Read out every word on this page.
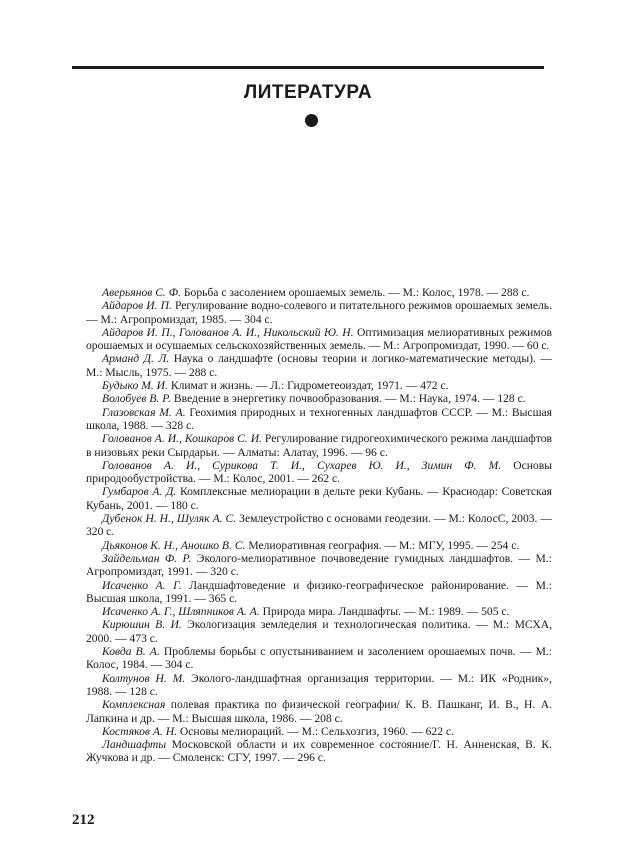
ЛИТЕРАТУРА
Аверьянов С. Ф. Борьба с засолением орошаемых земель. — М.: Колос, 1978. — 288 с.
Айдаров И. П. Регулирование водно-солевого и питательного режимов орошаемых земель. — М.: Агропромиздат, 1985. — 304 с.
Айдаров И. П., Голованов А. И., Никольский Ю. Н. Оптимизация мелиоративных режимов орошаемых и осушаемых сельскохозяйственных земель. — М.: Агропромиздат, 1990. — 60 с.
Арманд Д. Л. Наука о ландшафте (основы теории и логико-математические методы). — М.: Мысль, 1975. — 288 с.
Будыко М. И. Климат и жизнь. — Л.: Гидрометеоиздат, 1971. — 472 с.
Волобуев В. Р. Введение в энергетику почвообразования. — М.: Наука, 1974. — 128 с.
Глазовская М. А. Геохимия природных и техногенных ландшафтов СССР. — М.: Высшая школа, 1988. — 328 с.
Голованов А. И., Кошкаров С. И. Регулирование гидрогеохимического режима ландшафтов в низовьях реки Сырдарьи. — Алматы: Алатау, 1996. — 96 с.
Голованов А. И., Сурикова Т. И., Сухарев Ю. И., Зимин Ф. М. Основы природообустройства. — М.: Колос, 2001. — 262 с.
Гумбаров А. Д. Комплексные мелиорации в дельте реки Кубань. — Краснодар: Советская Кубань, 2001. — 180 с.
Дубенок Н. Н., Шуляк А. С. Землеустройство с основами геодезии. — М.: КолосС, 2003. — 320 с.
Дьяконов К. Н., Аношко В. С. Мелиоративная география. — М.: МГУ, 1995. — 254 с.
Зайдельман Ф. Р. Эколого-мелиоративное почвоведение гумидных ландшафтов. — М.: Агропромиздат, 1991. — 320 с.
Исаченко А. Г. Ландшафтоведение и физико-географическое районирование. — М.: Высшая школа, 1991. — 365 с.
Исаченко А. Г., Шляпников А. А. Природа мира. Ландшафты. — М.: 1989. — 505 с.
Кирюшин В. И. Экологизация земледелия и технологическая политика. — М.: МСХА, 2000. — 473 с.
Ковда В. А. Проблемы борьбы с опустыниванием и засолением орошаемых почв. — М.: Колос, 1984. — 304 с.
Колтунов Н. М. Эколого-ландшафтная организация территории. — М.: ИК «Родник», 1988. — 128 с.
Комплексная полевая практика по физической географии/ К. В. Пашканг, И. В., Н. А. Лапкина и др. — М.: Высшая школа, 1986. — 208 с.
Костяков А. Н. Основы мелиораций. — М.: Сельхозгиз, 1960. — 622 с.
Ландшафты Московской области и их современное состояние/Г. Н. Анненская, В. К. Жучкова и др. — Смоленск: СГУ, 1997. — 296 с.
212
